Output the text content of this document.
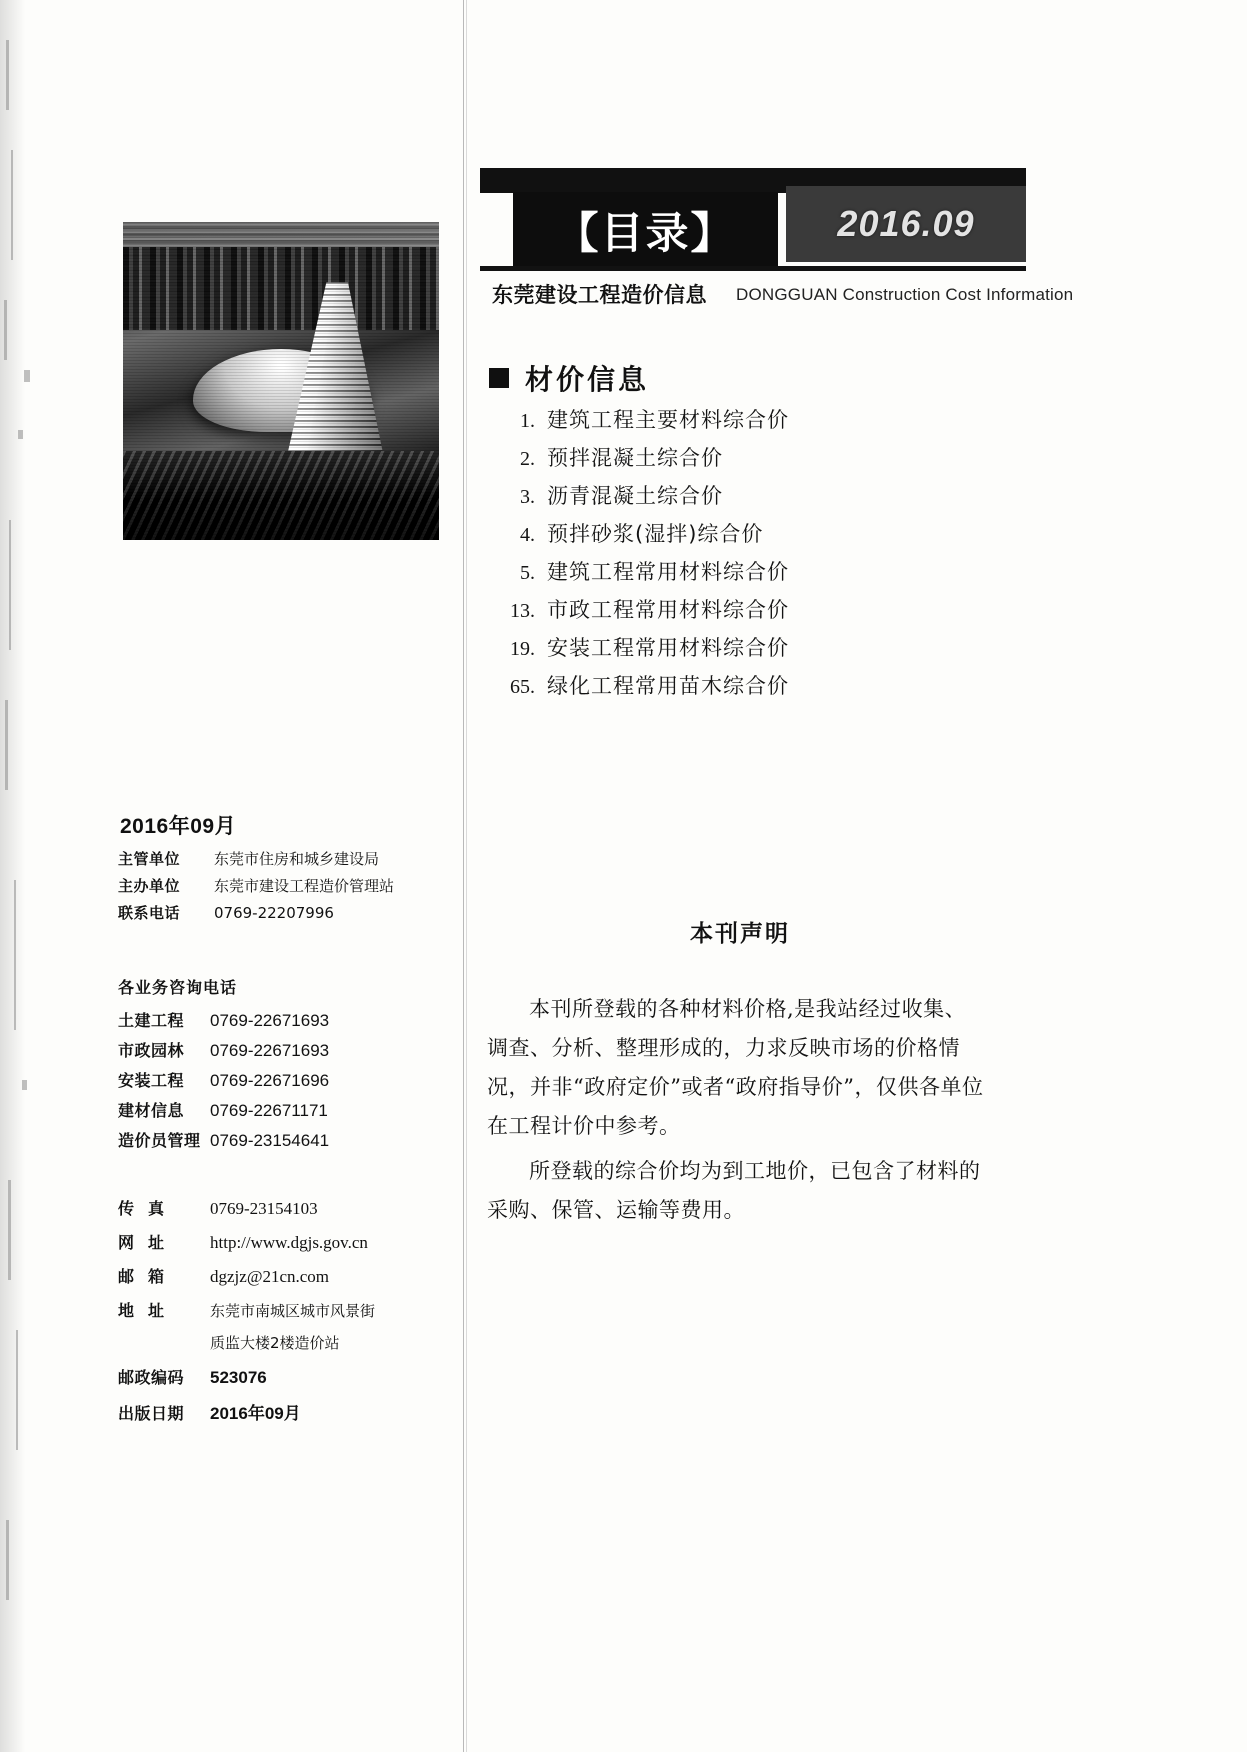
【目录】	2016.09
东莞建设工程造价信息 DONGGUAN Construction Cost Information
材价信息
1. 建筑工程主要材料综合价
2. 预拌混凝土综合价
3. 沥青混凝土综合价
4. 预拌砂浆(湿拌)综合价
5. 建筑工程常用材料综合价
13. 市政工程常用材料综合价
19. 安装工程常用材料综合价
65. 绿化工程常用苗木综合价
2016年09月
主管单位	东莞市住房和城乡建设局
主办单位	东莞市建设工程造价管理站
联系电话	0769-22207996
各业务咨询电话
土建工程	0769-22671693
市政园林	0769-22671693
安装工程	0769-22671696
建材信息	0769-22671171
造价员管理 0769-23154641
传真	0769-23154103
网址	http://www.dgjs.gov.cn
邮箱	dgzjz@21cn.com
地址	东莞市南城区城市风景街
质监大楼2楼造价站
邮政编码	523076
出版日期	2016年09月
本刊声明

本刊所登载的各种材料价格,是我站经过收集、调查、分析、整理形成的，力求反映市场的价格情况，并非“政府定价”或者“政府指导价”，仅供各单位在工程计价中参考。

所登载的综合价均为到工地价，已包含了材料的采购、保管、运输等费用。
